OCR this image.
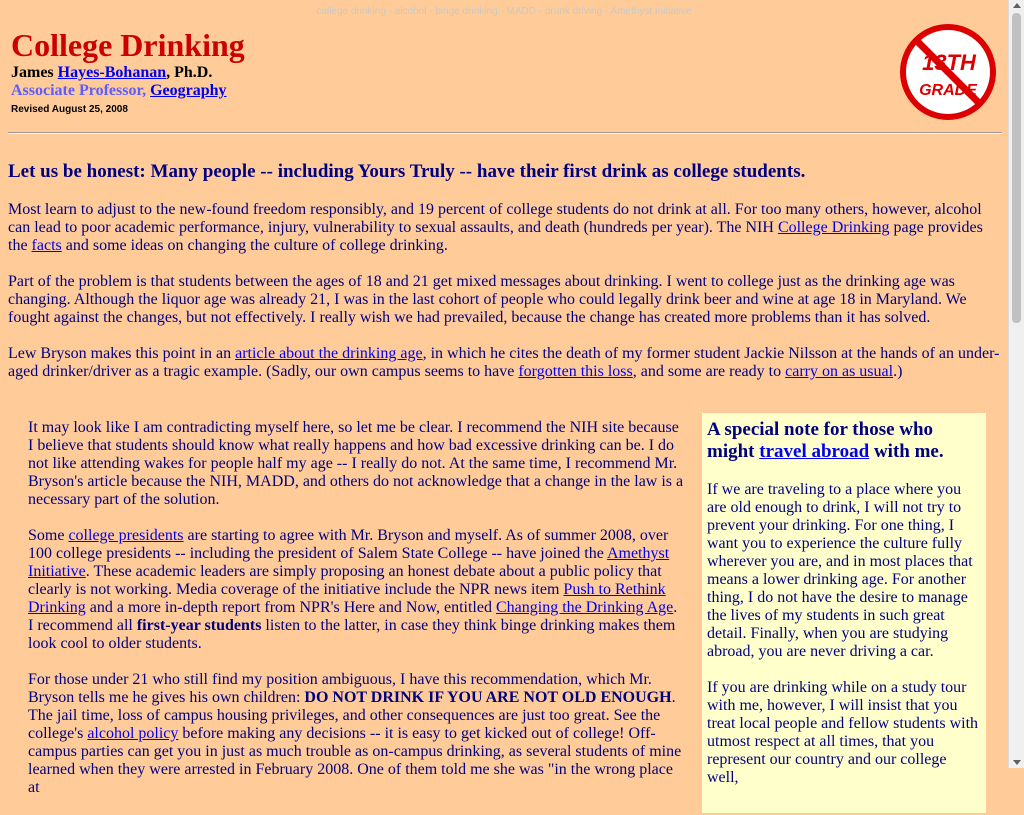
college drinking - alcohol - binge drinking - MADD - drunk driving - Amethyst Initiative
College Drinking
James Hayes-Bohanan, Ph.D.
Associate Professor, Geography
Revised August 25, 2008
13TH
GRADE
Let us be honest: Many people -- including Yours Truly -- have their first drink as college students.

Most learn to adjust to the new-found freedom responsibly, and 19 percent of college students do not drink at all. For too many others, however, alcohol can lead to poor academic performance, injury, vulnerability to sexual assaults, and death (hundreds per year). The NIH College Drinking page provides the facts and some ideas on changing the culture of college drinking.

Part of the problem is that students between the ages of 18 and 21 get mixed messages about drinking. I went to college just as the drinking age was changing. Although the liquor age was already 21, I was in the last cohort of people who could legally drink beer and wine at age 18 in Maryland. We fought against the changes, but not effectively. I really wish we had prevailed, because the change has created more problems than it has solved.

Lew Bryson makes this point in an article about the drinking age, in which he cites the death of my former student Jackie Nilsson at the hands of an under-aged drinker/driver as a tragic example. (Sadly, our own campus seems to have forgotten this loss, and some are ready to carry on as usual.)

It may look like I am contradicting myself here, so let me be clear. I recommend the NIH site because I believe that students should know what really happens and how bad excessive drinking can be. I do not like attending wakes for people half my age -- I really do not. At the same time, I recommend Mr. Bryson's article because the NIH, MADD, and others do not acknowledge that a change in the law is a necessary part of the solution.

Some college presidents are starting to agree with Mr. Bryson and myself. As of summer 2008, over 100 college presidents -- including the president of Salem State College -- have joined the Amethyst Initiative. These academic leaders are simply proposing an honest debate about a public policy that clearly is not working. Media coverage of the initiative include the NPR news item Push to Rethink Drinking and a more in-depth report from NPR's Here and Now, entitled Changing the Drinking Age. I recommend all first-year students listen to the latter, in case they think binge drinking makes them look cool to older students.

For those under 21 who still find my position ambiguous, I have this recommendation, which Mr. Bryson tells me he gives his own children: DO NOT DRINK IF YOU ARE NOT OLD ENOUGH. The jail time, loss of campus housing privileges, and other consequences are just too great. See the college's alcohol policy before making any decisions -- it is easy to get kicked out of college! Off-campus parties can get you in just as much trouble as on-campus drinking, as several students of mine learned when they were arrested in February 2008. One of them told me she was "in the wrong place at

A special note for those who might travel abroad with me.

If we are traveling to a place where you are old enough to drink, I will not try to prevent your drinking. For one thing, I want you to experience the culture fully wherever you are, and in most places that means a lower drinking age. For another thing, I do not have the desire to manage the lives of my students in such great detail. Finally, when you are studying abroad, you are never driving a car.

If you are drinking while on a study tour with me, however, I will insist that you treat local people and fellow students with utmost respect at all times, that you represent our country and our college well,
